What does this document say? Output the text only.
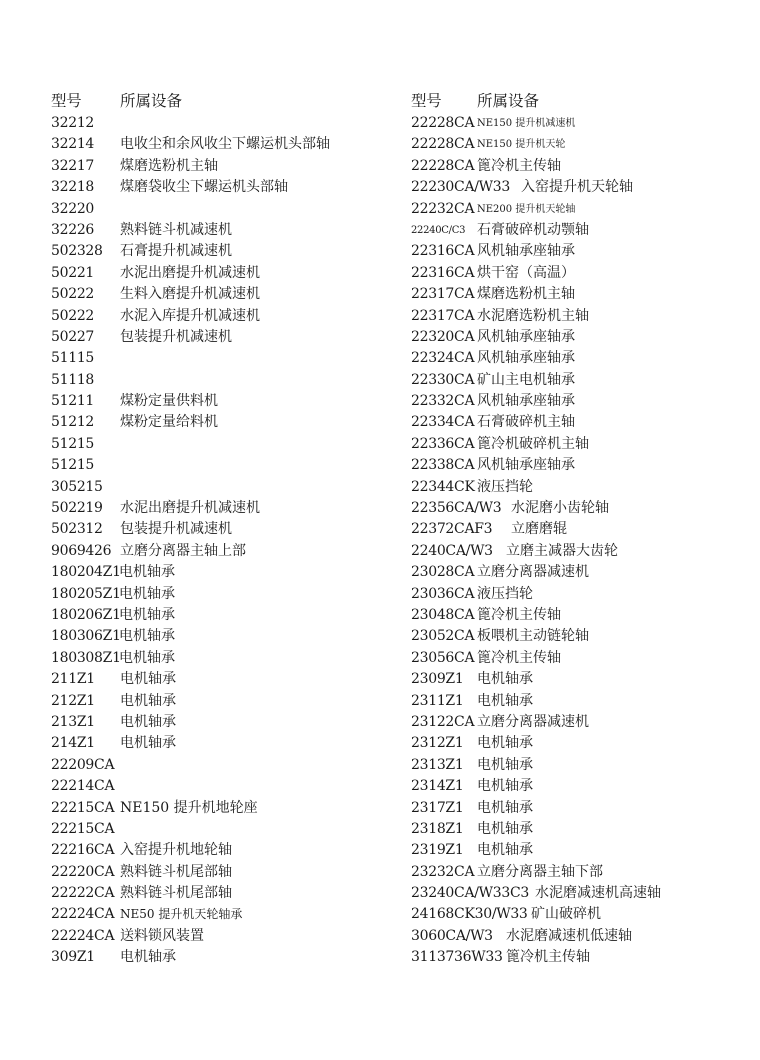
型号 所属设备
32212
32214 电收尘和余风收尘下螺运机头部轴
32217 煤磨选粉机主轴
32218 煤磨袋收尘下螺运机头部轴
32220
32226 熟料链斗机减速机
502328 石膏提升机减速机
50221 水泥出磨提升机减速机
50222 生料入磨提升机减速机
50222 水泥入库提升机减速机
50227 包装提升机减速机
51115
51118
51211 煤粉定量供料机
51212 煤粉定量给料机
51215
51215
305215
502219 水泥出磨提升机减速机
502312 包装提升机减速机
9069426 立磨分离器主轴上部
180204Z1
电机轴承
180205Z1
电机轴承
180206Z1
电机轴承
180306Z1
电机轴承
180308Z1
电机轴承
211Z1 电机轴承
212Z1 电机轴承
213Z1 电机轴承
214Z1 电机轴承
22209CA
22214CA
22215CA NE150 提升机地轮座
22215CA
22216CA 入窑提升机地轮轴
22220CA 熟料链斗机尾部轴
22222CA 熟料链斗机尾部轴
22224CA NE50 提升机天轮轴承
22224CA 送料锁风装置
309Z1 电机轴承
型号 所属设备
22228CA NE150 提升机减速机
22228CA NE150 提升机天轮
22228CA 篦冷机主传轴
22230CA/W33 入窑提升机天轮轴
22232CA NE200 提升机天轮轴
22240C/C3 石膏破碎机动颚轴
22316CA 风机轴承座轴承
22316CA 烘干窑（高温）
22317CA 煤磨选粉机主轴
22317CA 水泥磨选粉机主轴
22320CA 风机轴承座轴承
22324CA 风机轴承座轴承
22330CA 矿山主电机轴承
22332CA 风机轴承座轴承
22334CA 石膏破碎机主轴
22336CA 篦冷机破碎机主轴
22338CA 风机轴承座轴承
22344CK 液压挡轮
22356CA/W3 水泥磨小齿轮轴
22372CAF3 立磨磨辊
2240CA/W3 立磨主减器大齿轮
23028CA 立磨分离器减速机
23036CA 液压挡轮
23048CA 篦冷机主传轴
23052CA 板喂机主动链轮轴
23056CA 篦冷机主传轴
2309Z1 电机轴承
2311Z1 电机轴承
23122CA 立磨分离器减速机
2312Z1 电机轴承
2313Z1 电机轴承
2314Z1 电机轴承
2317Z1 电机轴承
2318Z1 电机轴承
2319Z1 电机轴承
23232CA 立磨分离器主轴下部
23240CA/W33C3 水泥磨减速机高速轴
24168CK30/W33 矿山破碎机
3060CA/W3 水泥磨减速机低速轴
3113736W33 篦冷机主传轴
